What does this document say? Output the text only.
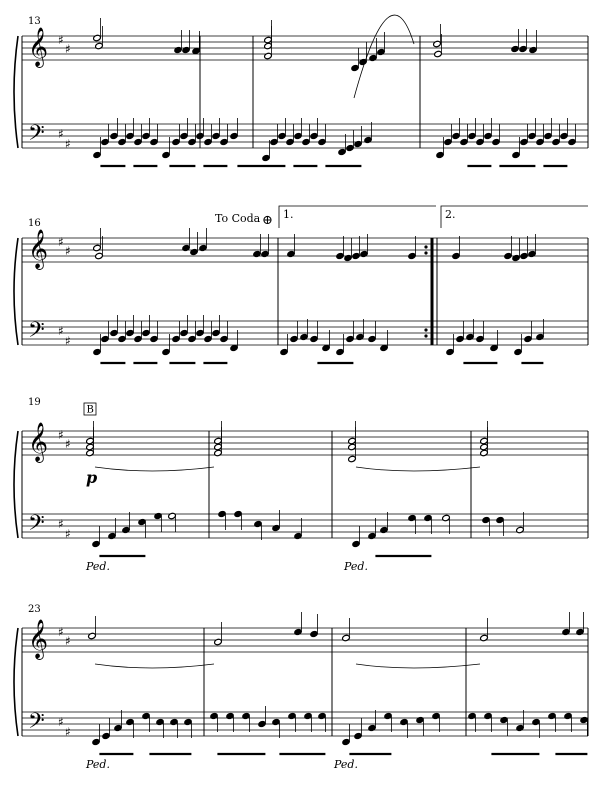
13
𝄞 ♯
♯
𝄢 ♯
♯
16
𝄞 ♯
♯
𝄢 ♯
♯
To Coda ⊕ 1.	2.
19
𝄞 ♯
♯
𝄢 ♯
♯
B
p
Ped.	Ped.
23
𝄞 ♯
♯
𝄢 ♯
♯
Ped.	Ped.
